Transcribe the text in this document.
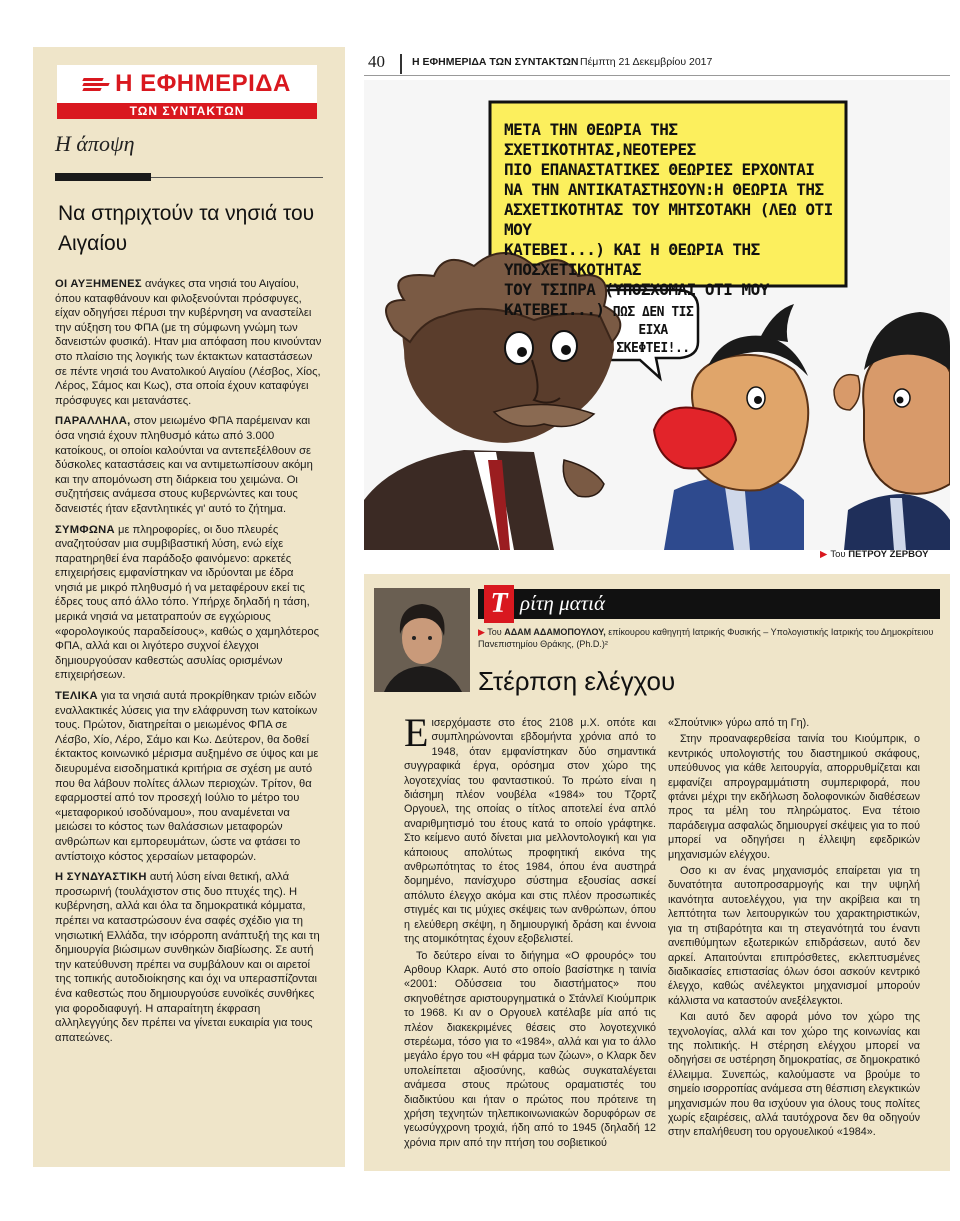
Η ΕΦΗΜΕΡΙΔΑ
ΤΩΝ ΣΥΝΤΑΚΤΩΝ
Η άποψη
Να στηριχτούν τα νησιά του Αιγαίου

ΟΙ ΑΥΞΗΜΕΝΕΣ ανάγκες στα νησιά του Αιγαίου, όπου καταφθάνουν και φιλοξενούνται πρόσφυγες, είχαν οδηγήσει πέρυσι την κυβέρνηση να αναστείλει την αύξηση του ΦΠΑ (με τη σύμφωνη γνώμη των δανειστών φυσικά). Ηταν μια απόφαση που κινούνταν στο πλαίσιο της λογικής των έκτακτων καταστάσεων σε πέντε νησιά του Ανατολικού Αιγαίου (Λέσβος, Χίος, Λέρος, Σάμος και Κως), στα οποία έχουν καταφύγει πρόσφυγες και μετανάστες.

ΠΑΡΑΛΛΗΛΑ, στον μειωμένο ΦΠΑ παρέμειναν και όσα νησιά έχουν πληθυσμό κάτω από 3.000 κατοίκους, οι οποίοι καλούνται να αντεπεξέλθουν σε δύσκολες καταστάσεις και να αντιμετωπίσουν ακόμη και την απομόνωση στη διάρκεια του χειμώνα. Οι συζητήσεις ανάμεσα στους κυβερνώντες και τους δανειστές ήταν εξαντλητικές γι' αυτό το ζήτημα.

ΣΥΜΦΩΝΑ με πληροφορίες, οι δυο πλευρές αναζητούσαν μια συμβιβαστική λύση, ενώ είχε παρατηρηθεί ένα παράδοξο φαινόμενο: αρκετές επιχειρήσεις εμφανίστηκαν να ιδρύονται με έδρα νησιά με μικρό πληθυσμό ή να μεταφέρουν εκεί τις έδρες τους από άλλο τόπο. Υπήρχε δηλαδή η τάση, μερικά νησιά να μετατραπούν σε εγχώριους «φορολογικούς παραδείσους», καθώς ο χαμηλότερος ΦΠΑ, αλλά και οι λιγότερο συχνοί έλεγχοι δημιουργούσαν καθεστώς ασυλίας ορισμένων επιχειρήσεων.

ΤΕΛΙΚΑ για τα νησιά αυτά προκρίθηκαν τριών ειδών εναλλακτικές λύσεις για την ελάφρυνση των κατοίκων τους. Πρώτον, διατηρείται ο μειωμένος ΦΠΑ σε Λέσβο, Χίο, Λέρο, Σάμο και Κω. Δεύτερον, θα δοθεί έκτακτος κοινωνικό μέρισμα αυξημένο σε ύψος και με διευρυμένα εισοδηματικά κριτήρια σε σχέση με αυτό που θα λάβουν πολίτες άλλων περιοχών. Τρίτον, θα εφαρμοστεί από τον προσεχή Ιούλιο το μέτρο του «μεταφορικού ισοδύναμου», που αναμένεται να μειώσει το κόστος των θαλάσσιων μεταφορών ανθρώπων και εμπορευμάτων, ώστε να φτάσει το αντίστοιχο κόστος χερσαίων μεταφορών.

Η ΣΥΝΔΥΑΣΤΙΚΗ αυτή λύση είναι θετική, αλλά προσωρινή (τουλάχιστον στις δυο πτυχές της). Η κυβέρνηση, αλλά και όλα τα δημοκρατικά κόμματα, πρέπει να καταστρώσουν ένα σαφές σχέδιο για τη νησιωτική Ελλάδα, την ισόρροπη ανάπτυξή της και τη δημιουργία βιώσιμων συνθηκών διαβίωσης. Σε αυτή την κατεύθυνση πρέπει να συμβάλουν και οι αιρετοί της τοπικής αυτοδιοίκησης και όχι να υπερασπίζονται ένα καθεστώς που δημιουργούσε ευνοϊκές συνθήκες για φοροδιαφυγή. Η απαραίτητη έκφραση αλληλεγγύης δεν πρέπει να γίνεται ευκαιρία για τους απατεώνες.

40	Η ΕΦΗΜΕΡΙΔΑ ΤΩΝ ΣΥΝΤΑΚΤΩΝ Πέμπτη 21 Δεκεμβρίου 2017
ΜΕΤΑ ΤΗΝ ΘΕΩΡΙΑ ΤΗΣ ΣΧΕΤΙΚΟΤΗΤΑΣ,ΝΕΟΤΕΡΕΣ
ΠΙΟ ΕΠΑΝΑΣΤΑΤΙΚΕΣ ΘΕΩΡΙΕΣ ΕΡΧΟΝΤΑΙ
ΝΑ ΤΗΝ ΑΝΤΙΚΑΤΑΣΤΗΣΟΥΝ:Η ΘΕΩΡΙΑ ΤΗΣ
ΑΣΧΕΤΙΚΟΤΗΤΑΣ ΤΟΥ ΜΗΤΣΟΤΑΚΗ (ΛΕΩ ΟΤΙ ΜΟΥ
ΚΑΤΕΒΕΙ...) ΚΑΙ Η ΘΕΩΡΙΑ ΤΗΣ ΥΠΟΣΧΕΤΙΚΟΤΗΤΑΣ
ΤΟΥ ΤΣΙΠΡΑ (ΥΠΟΣΧΟΜΑΙ ΟΤΙ ΜΟΥ ΚΑΤΕΒΕΙ...) ΠΩΣ ΔΕΝ ΤΙΣ
ΕΙΧΑ ΣΚΕΦΤΕΙ!..
▶ Του ΠΕΤΡΟΥ ΖΕΡΒΟΥ
Τ ρίτη ματιά
▶ Του ΑΔΑΜ ΑΔΑΜΟΠΟΥΛΟΥ, επίκουρου καθηγητή Ιατρικής Φυσικής – Υπολογιστικής Ιατρικής του Δημοκρίτειου Πανεπιστημίου Θράκης, (Ph.D.)²
Στέρπση ελέγχου

Εισερχόμαστε στο έτος 2108 μ.Χ. οπότε και συμπληρώνονται εβδομήντα χρόνια από το 1948, όταν εμφανίστηκαν δύο σημαντικά συγγραφικά έργα, ορόσημα στον χώρο της λογοτεχνίας του φανταστικού. Το πρώτο είναι η διάσημη πλέον νουβέλα «1984» του Τζορτζ Οργουελ, της οποίας ο τίτλος αποτελεί ένα απλό αναριθμητισμό του έτους κατά το οποίο γράφτηκε. Στο κείμενο αυτό δίνεται μια μελλοντολογική και για κάποιους απολύτως προφητική εικόνα της ανθρωπότητας το έτος 1984, όπου ένα αυστηρά δομημένο, πανίσχυρο σύστημα εξουσίας ασκεί απόλυτο έλεγχο ακόμα και στις πλέον προσωπικές στιγμές και τις μύχιες σκέψεις των ανθρώπων, όπου η ελεύθερη σκέψη, η δημιουργική δράση και έννοια της ατομικότητας έχουν εξοβελιστεί.

Το δεύτερο είναι το διήγημα «Ο φρουρός» του Αρθουρ Κλαρκ. Αυτό στο οποίο βασίστηκε η ταινία «2001: Οδύσσεια του διαστήματος» που σκηνοθέτησε αριστουργηματικά ο Στάνλεϊ Κιούμπρικ το 1968. Κι αν ο Οργουελ κατέλαβε μία από τις πλέον διακεκριμένες θέσεις στο λογοτεχνικό στερέωμα, τόσο για το «1984», αλλά και για το άλλο μεγάλο έργο του «Η φάρμα των ζώων», ο Κλαρκ δεν υπολείπεται αξιοσύνης, καθώς συγκαταλέγεται ανάμεσα στους πρώτους οραματιστές του διαδικτύου και ήταν ο πρώτος που πρότεινε τη χρήση τεχνητών τηλεπικοινωνιακών δορυφόρων σε γεωσύγχρονη τροχιά, ήδη από το 1945 (δηλαδή 12 χρόνια πριν από την πτήση του σοβιετικού

«Σπούτνικ» γύρω από τη Γη).

Στην προαναφερθείσα ταινία του Κιούμπρικ, ο κεντρικός υπολογιστής του διαστημικού σκάφους, υπεύθυνος για κάθε λειτουργία, απορρυθμίζεται και εμφανίζει απρογραμμάτιστη συμπεριφορά, που φτάνει μέχρι την εκδήλωση δολοφονικών διαθέσεων προς τα μέλη του πληρώματος. Ενα τέτοιο παράδειγμα ασφαλώς δημιουργεί σκέψεις για το πού μπορεί να οδηγήσει η έλλειψη εφεδρικών μηχανισμών ελέγχου.

Οσο κι αν ένας μηχανισμός επαίρεται για τη δυνατότητα αυτοπροσαρμογής και την υψηλή ικανότητα αυτοελέγχου, για την ακρίβεια και τη λεπτότητα των λειτουργικών του χαρακτηριστικών, για τη στιβαρότητα και τη στεγανότητά του έναντι ανεπιθύμητων εξωτερικών επιδράσεων, αυτό δεν αρκεί. Απαιτούνται επιπρόσθετες, εκλεπτυσμένες διαδικασίες επιστασίας όλων όσοι ασκούν κεντρικό έλεγχο, καθώς ανέλεγκτοι μηχανισμοί μπορούν κάλλιστα να καταστούν ανεξέλεγκτοι.

Και αυτό δεν αφορά μόνο τον χώρο της τεχνολογίας, αλλά και τον χώρο της κοινωνίας και της πολιτικής. Η στέρηση ελέγχου μπορεί να οδηγήσει σε υστέρηση δημοκρατίας, σε δημοκρατικό έλλειμμα. Συνεπώς, καλούμαστε να βρούμε το σημείο ισορροπίας ανάμεσα στη θέσπιση ελεγκτικών μηχανισμών που θα ισχύουν για όλους τους πολίτες χωρίς εξαιρέσεις, αλλά ταυτόχρονα δεν θα οδηγούν στην επαλήθευση του οργουελικού «1984».
